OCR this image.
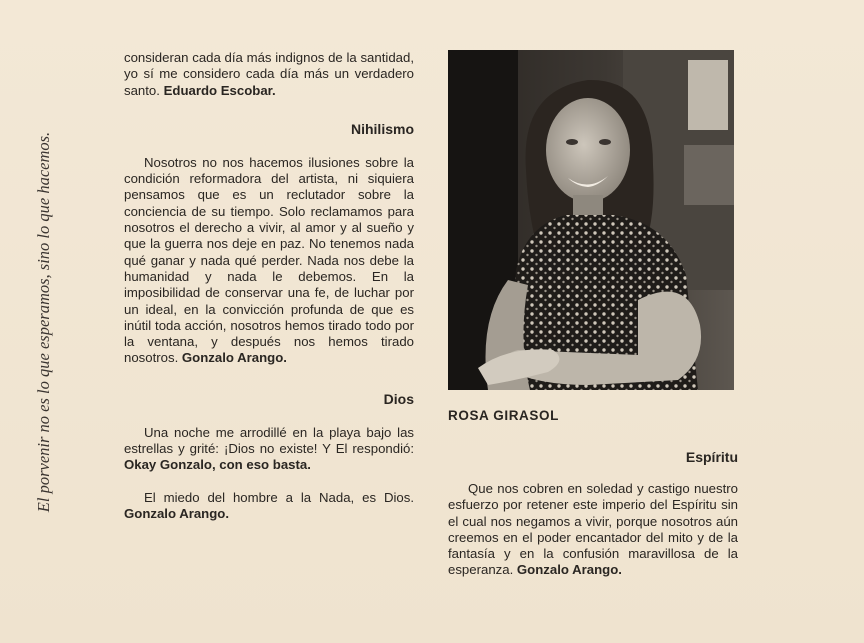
El porvenir no es lo que esperamos, sino lo que hacemos.

consideran cada día más indignos de la santidad, yo sí me considero cada día más un verdadero santo. Eduardo Escobar.

Nihilismo

Nosotros no nos hacemos ilusiones sobre la condición reformadora del artista, ni siquiera pensamos que es un reclutador sobre la conciencia de su tiempo. Solo reclamamos para nosotros el derecho a vivir, al amor y al sueño y que la guerra nos deje en paz. No tenemos nada qué ganar y nada qué perder. Nada nos debe la humanidad y nada le debemos. En la imposibilidad de conservar una fe, de luchar por un ideal, en la convicción profunda de que es inútil toda acción, nosotros hemos tirado todo por la ventana, y después nos hemos tirado nosotros. Gonzalo Arango.

Dios

Una noche me arrodillé en la playa bajo las estrellas y grité: ¡Dios no existe! Y El respondió: Okay Gonzalo, con eso basta.

El miedo del hombre a la Nada, es Dios. Gonzalo Arango.

ROSA GIRASOL
Espíritu

Que nos cobren en soledad y castigo nuestro esfuerzo por retener este imperio del Espíritu sin el cual nos negamos a vivir, porque nosotros aún creemos en el poder encantador del mito y de la fantasía y en la confusión maravillosa de la esperanza. Gonzalo Arango.
